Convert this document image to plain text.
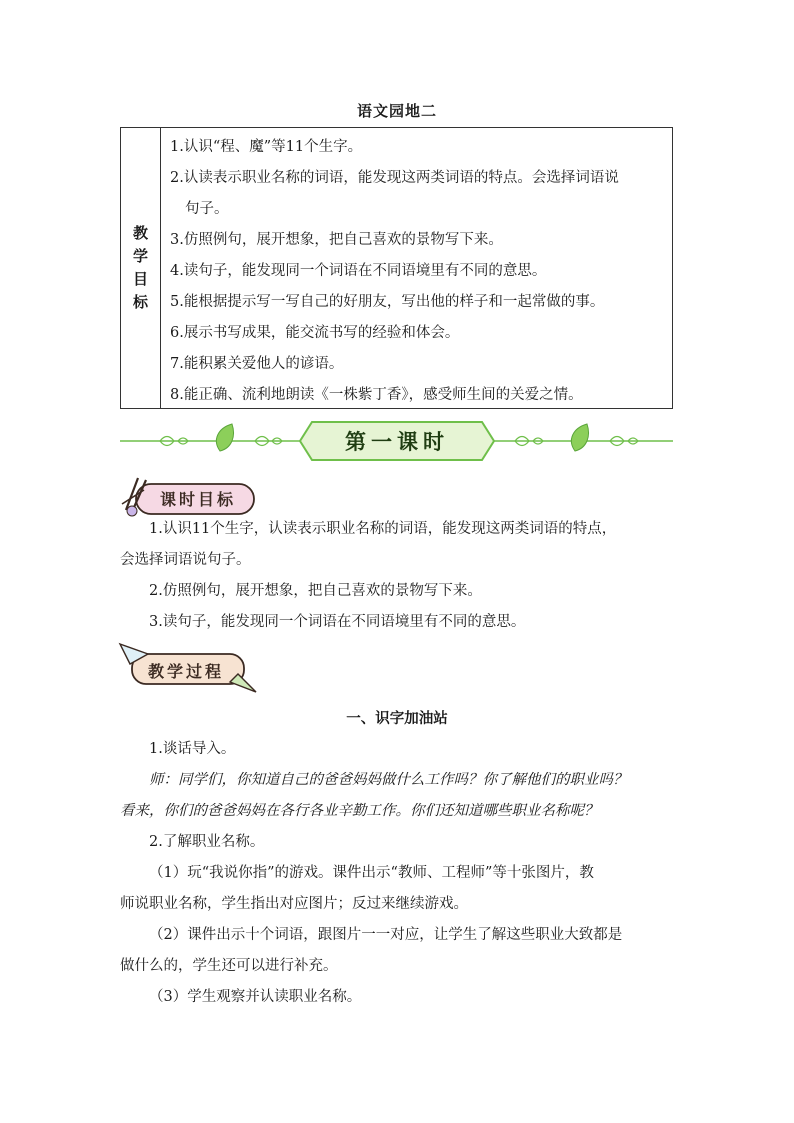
语文园地二
教
学
目
标
1.认识“程、魔”等11个生字。
2.认读表示职业名称的词语，能发现这两类词语的特点。会选择词语说
句子。
3.仿照例句，展开想象，把自己喜欢的景物写下来。
4.读句子，能发现同一个词语在不同语境里有不同的意思。
5.能根据提示写一写自己的好朋友，写出他的样子和一起常做的事。
6.展示书写成果，能交流书写的经验和体会。
7.能积累关爱他人的谚语。
8.能正确、流利地朗读《一株紫丁香》，感受师生间的关爱之情。
第一课时
课时目标
1.认识11个生字，认读表示职业名称的词语，能发现这两类词语的特点，
会选择词语说句子。
2.仿照例句，展开想象，把自己喜欢的景物写下来。
3.读句子，能发现同一个词语在不同语境里有不同的意思。
教学过程
一、识字加油站
1.谈话导入。
师：同学们，你知道自己的爸爸妈妈做什么工作吗？你了解他们的职业吗？
看来，你们的爸爸妈妈在各行各业辛勤工作。你们还知道哪些职业名称呢？
2.了解职业名称。
（1）玩“我说你指”的游戏。课件出示“教师、工程师”等十张图片，教
师说职业名称，学生指出对应图片；反过来继续游戏。
（2）课件出示十个词语，跟图片一一对应，让学生了解这些职业大致都是
做什么的，学生还可以进行补充。
（3）学生观察并认读职业名称。
